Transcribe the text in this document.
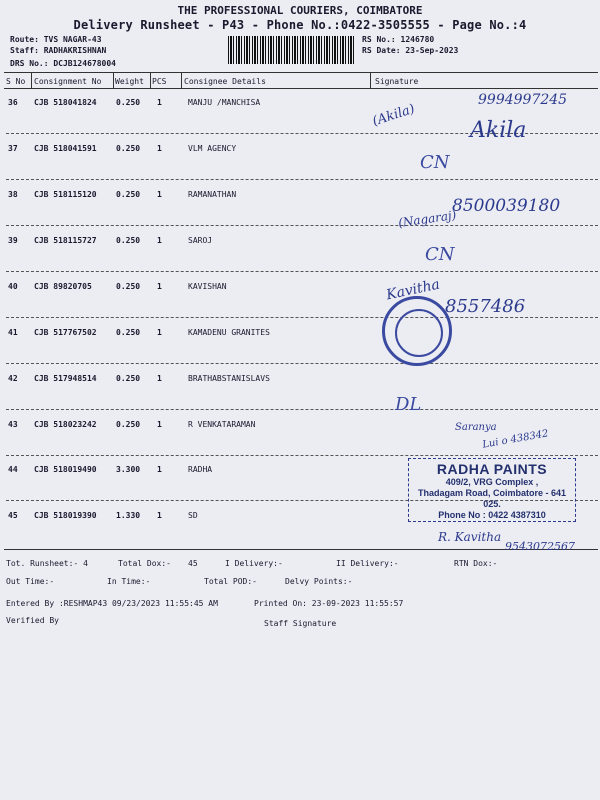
THE PROFESSIONAL COURIERS, COIMBATORE
Delivery Runsheet - P43 - Phone No.:0422-3505555 - Page No.:4
Route: TVS NAGAR-43
Staff: RADHAKRISHNAN
DRS No.: DCJB124678004
RS No.: 1246780
RS Date: 23-Sep-2023
S No Consignment No Weight PCS Consignee Details	Signature
36 CJB 518041824 0.250 1	MANJU /MANCHISA
37 CJB 518041591 0.250 1	VLM AGENCY
38 CJB 518115120 0.250 1	RAMANATHAN
39 CJB 518115727 0.250 1	SAROJ
40 CJB 89820705	0.250 1	KAVISHAN
41 CJB 517767502 0.250 1	KAMADENU GRANITES
42 CJB 517948514 0.250 1	BRATHABSTANISLAVS
43 CJB 518023242 0.250 1	R VENKATARAMAN
44 CJB 518019490 3.300 1	RADHA
45 CJB 518019390 1.330 1	SD
9994997245
(Akila)
Akila
CN
8500039180
(Nagaraj)
CN
Kavitha
8557486
DL
Saranya
Lui o 438342
RADHA PAINTS
409/2, VRG Complex ,
Thadagam Road, Coimbatore - 641 025.
Phone No : 0422 4387310
R. Kavitha
9543072567
Tot. Runsheet:- 4	Total Dox:- 45	I Delivery:-	II Delivery:-	RTN Dox:-
Out Time:-	In Time:-	Total POD:-	Delvy Points:-
Entered By :RESHMAP43 09/23/2023 11:55:45 AM	Printed On: 23-09-2023 11:55:57
Verified By	Staff Signature
